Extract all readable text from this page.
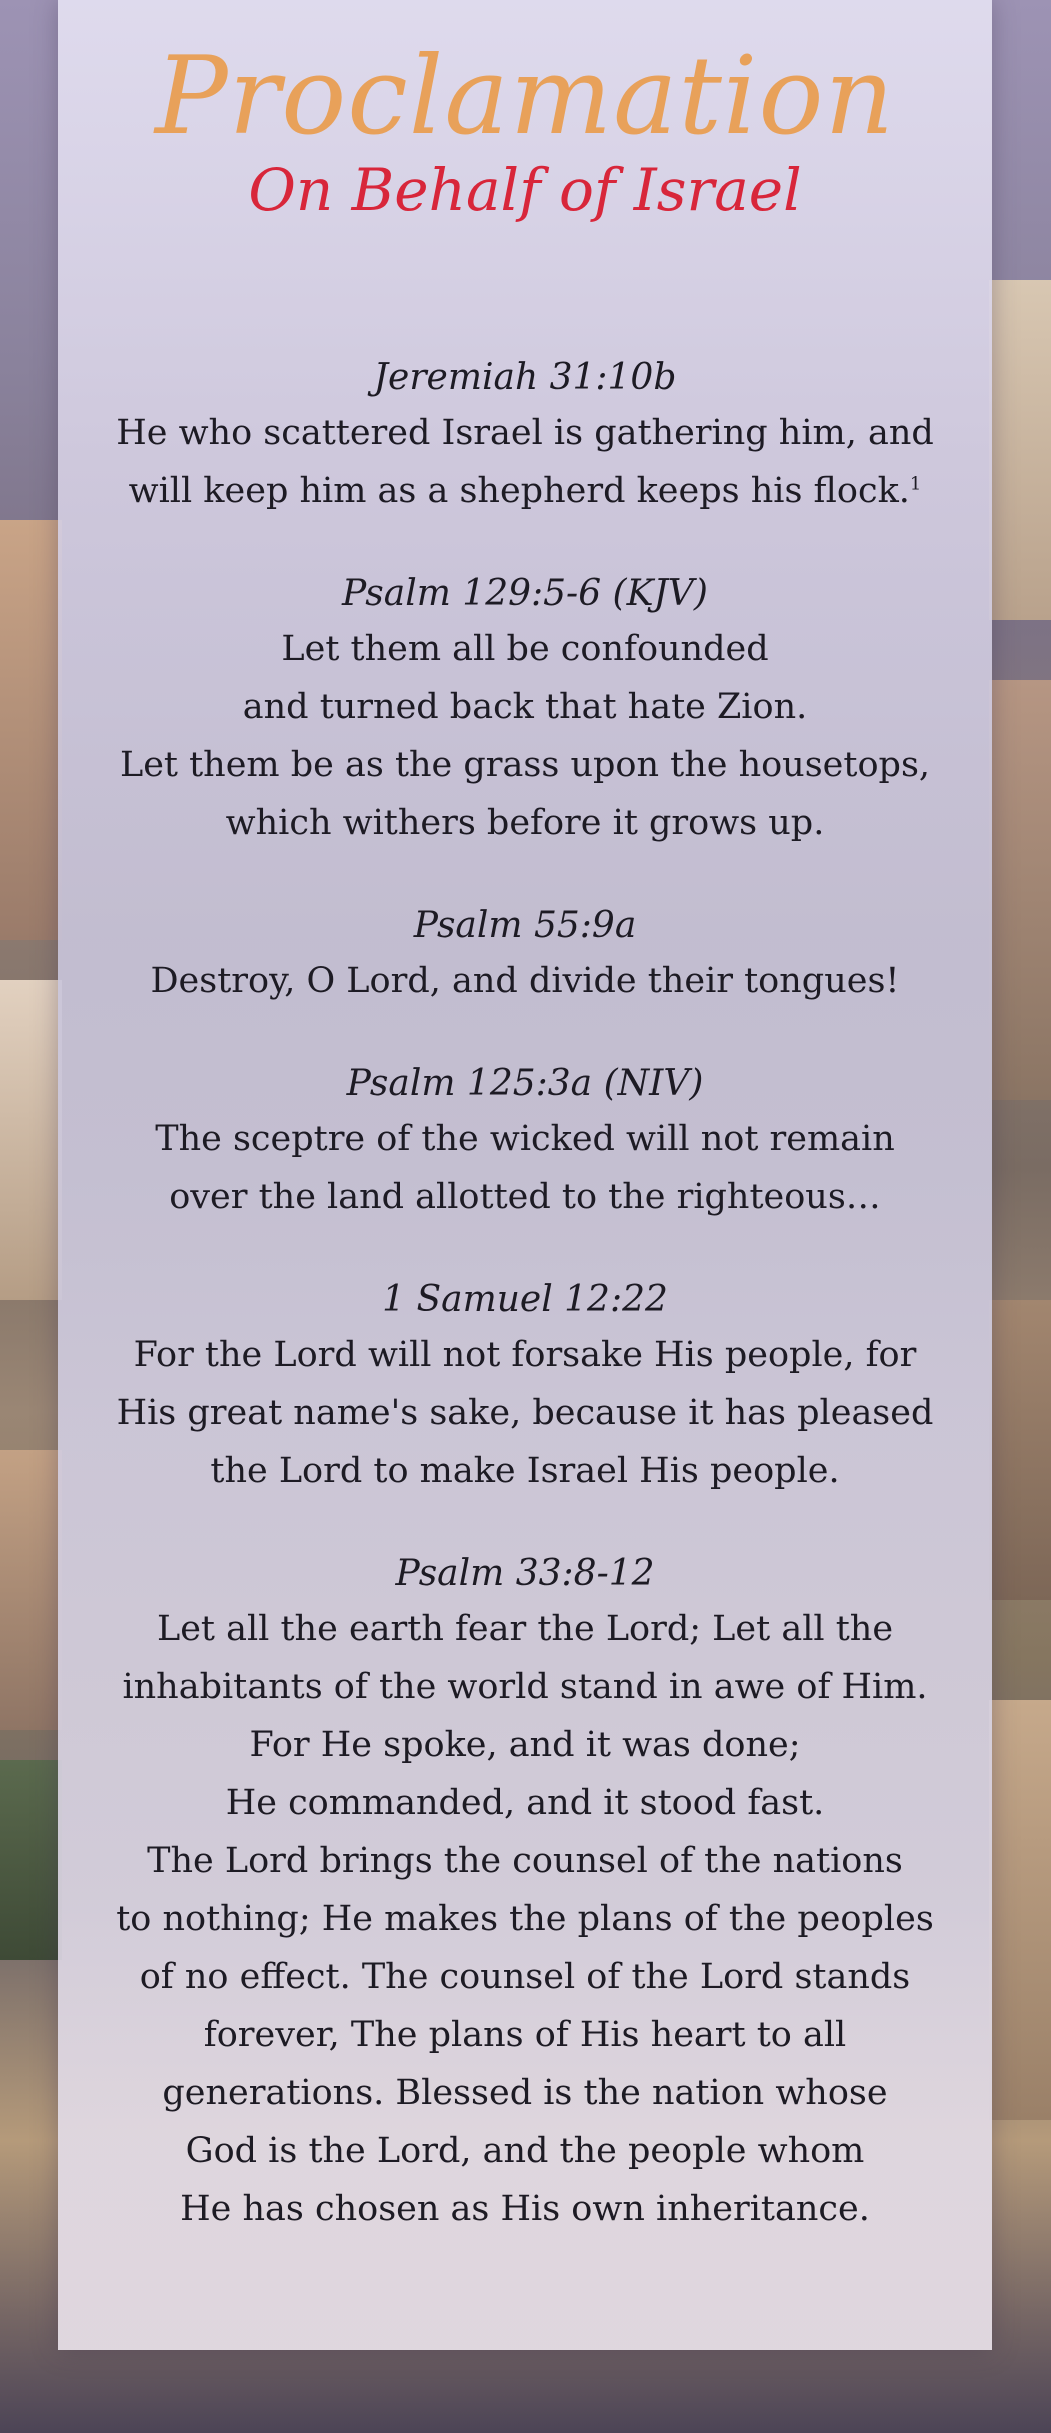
Proclamation
On Behalf of Israel
Jeremiah 31:10b
He who scattered Israel is gathering him, and
will keep him as a shepherd keeps his flock.$^1$
Psalm 129:5-6 (KJV)
Let them all be confounded
and turned back that hate Zion.
Let them be as the grass upon the housetops,
which withers before it grows up.
Psalm 55:9a
Destroy, O Lord, and divide their tongues!
Psalm 125:3a (NIV)
The sceptre of the wicked will not remain
over the land allotted to the righteous…
1 Samuel 12:22
For the Lord will not forsake His people, for
His great name's sake, because it has pleased
the Lord to make Israel His people.
Psalm 33:8-12
Let all the earth fear the Lord; Let all the
inhabitants of the world stand in awe of Him.
For He spoke, and it was done;
He commanded, and it stood fast.
The Lord brings the counsel of the nations
to nothing; He makes the plans of the peoples
of no effect. The counsel of the Lord stands
forever, The plans of His heart to all
generations. Blessed is the nation whose
God is the Lord, and the people whom
He has chosen as His own inheritance.
